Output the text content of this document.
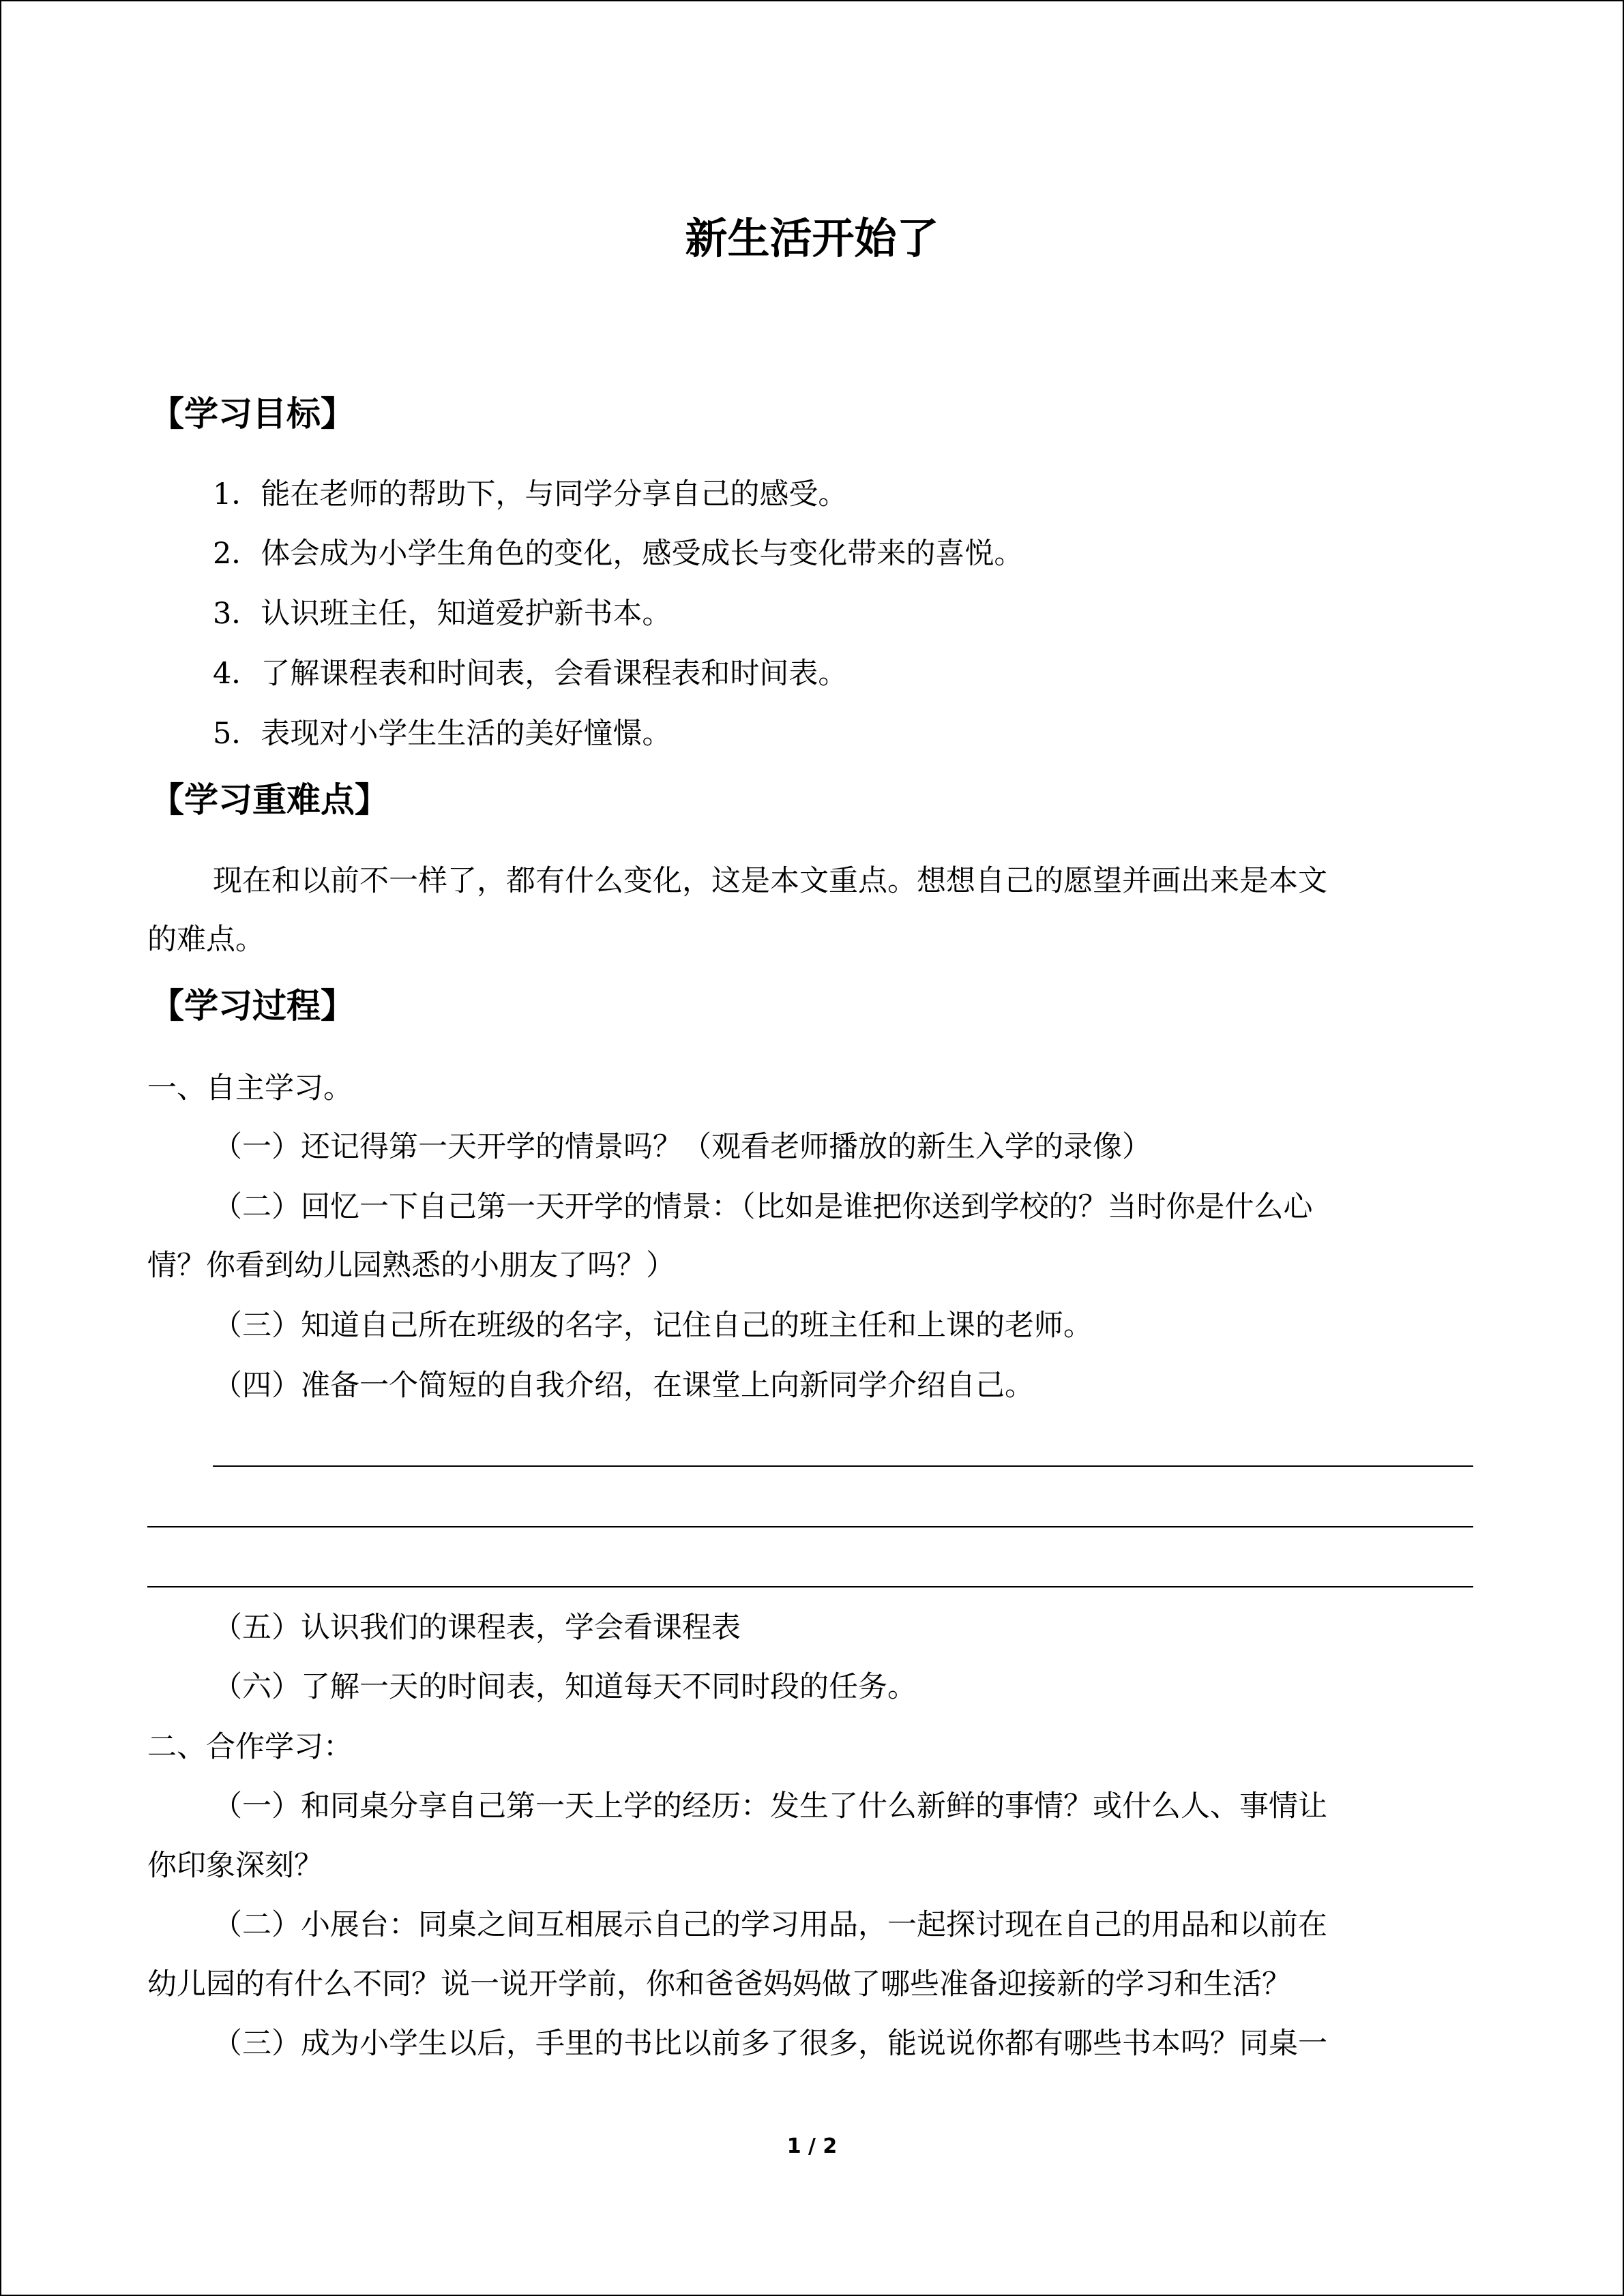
新生活开始了
【学习目标】
1．能在老师的帮助下，与同学分享自己的感受。
2．体会成为小学生角色的变化，感受成长与变化带来的喜悦。
3．认识班主任，知道爱护新书本。
4．了解课程表和时间表，会看课程表和时间表。
5．表现对小学生生活的美好憧憬。
【学习重难点】
现在和以前不一样了，都有什么变化，这是本文重点。想想自己的愿望并画出来是本文
的难点。
【学习过程】
一、自主学习。
（一）还记得第一天开学的情景吗？（观看老师播放的新生入学的录像）
（二）回忆一下自己第一天开学的情景：（比如是谁把你送到学校的？当时你是什么心
情？你看到幼儿园熟悉的小朋友了吗？）
（三）知道自己所在班级的名字，记住自己的班主任和上课的老师。
（四）准备一个简短的自我介绍，在课堂上向新同学介绍自己。
（五）认识我们的课程表，学会看课程表
（六）了解一天的时间表，知道每天不同时段的任务。
二、合作学习：
（一）和同桌分享自己第一天上学的经历：发生了什么新鲜的事情？或什么人、事情让
你印象深刻？
（二）小展台：同桌之间互相展示自己的学习用品，一起探讨现在自己的用品和以前在
幼儿园的有什么不同？说一说开学前，你和爸爸妈妈做了哪些准备迎接新的学习和生活？
（三）成为小学生以后，手里的书比以前多了很多，能说说你都有哪些书本吗？同桌一
1 / 2
